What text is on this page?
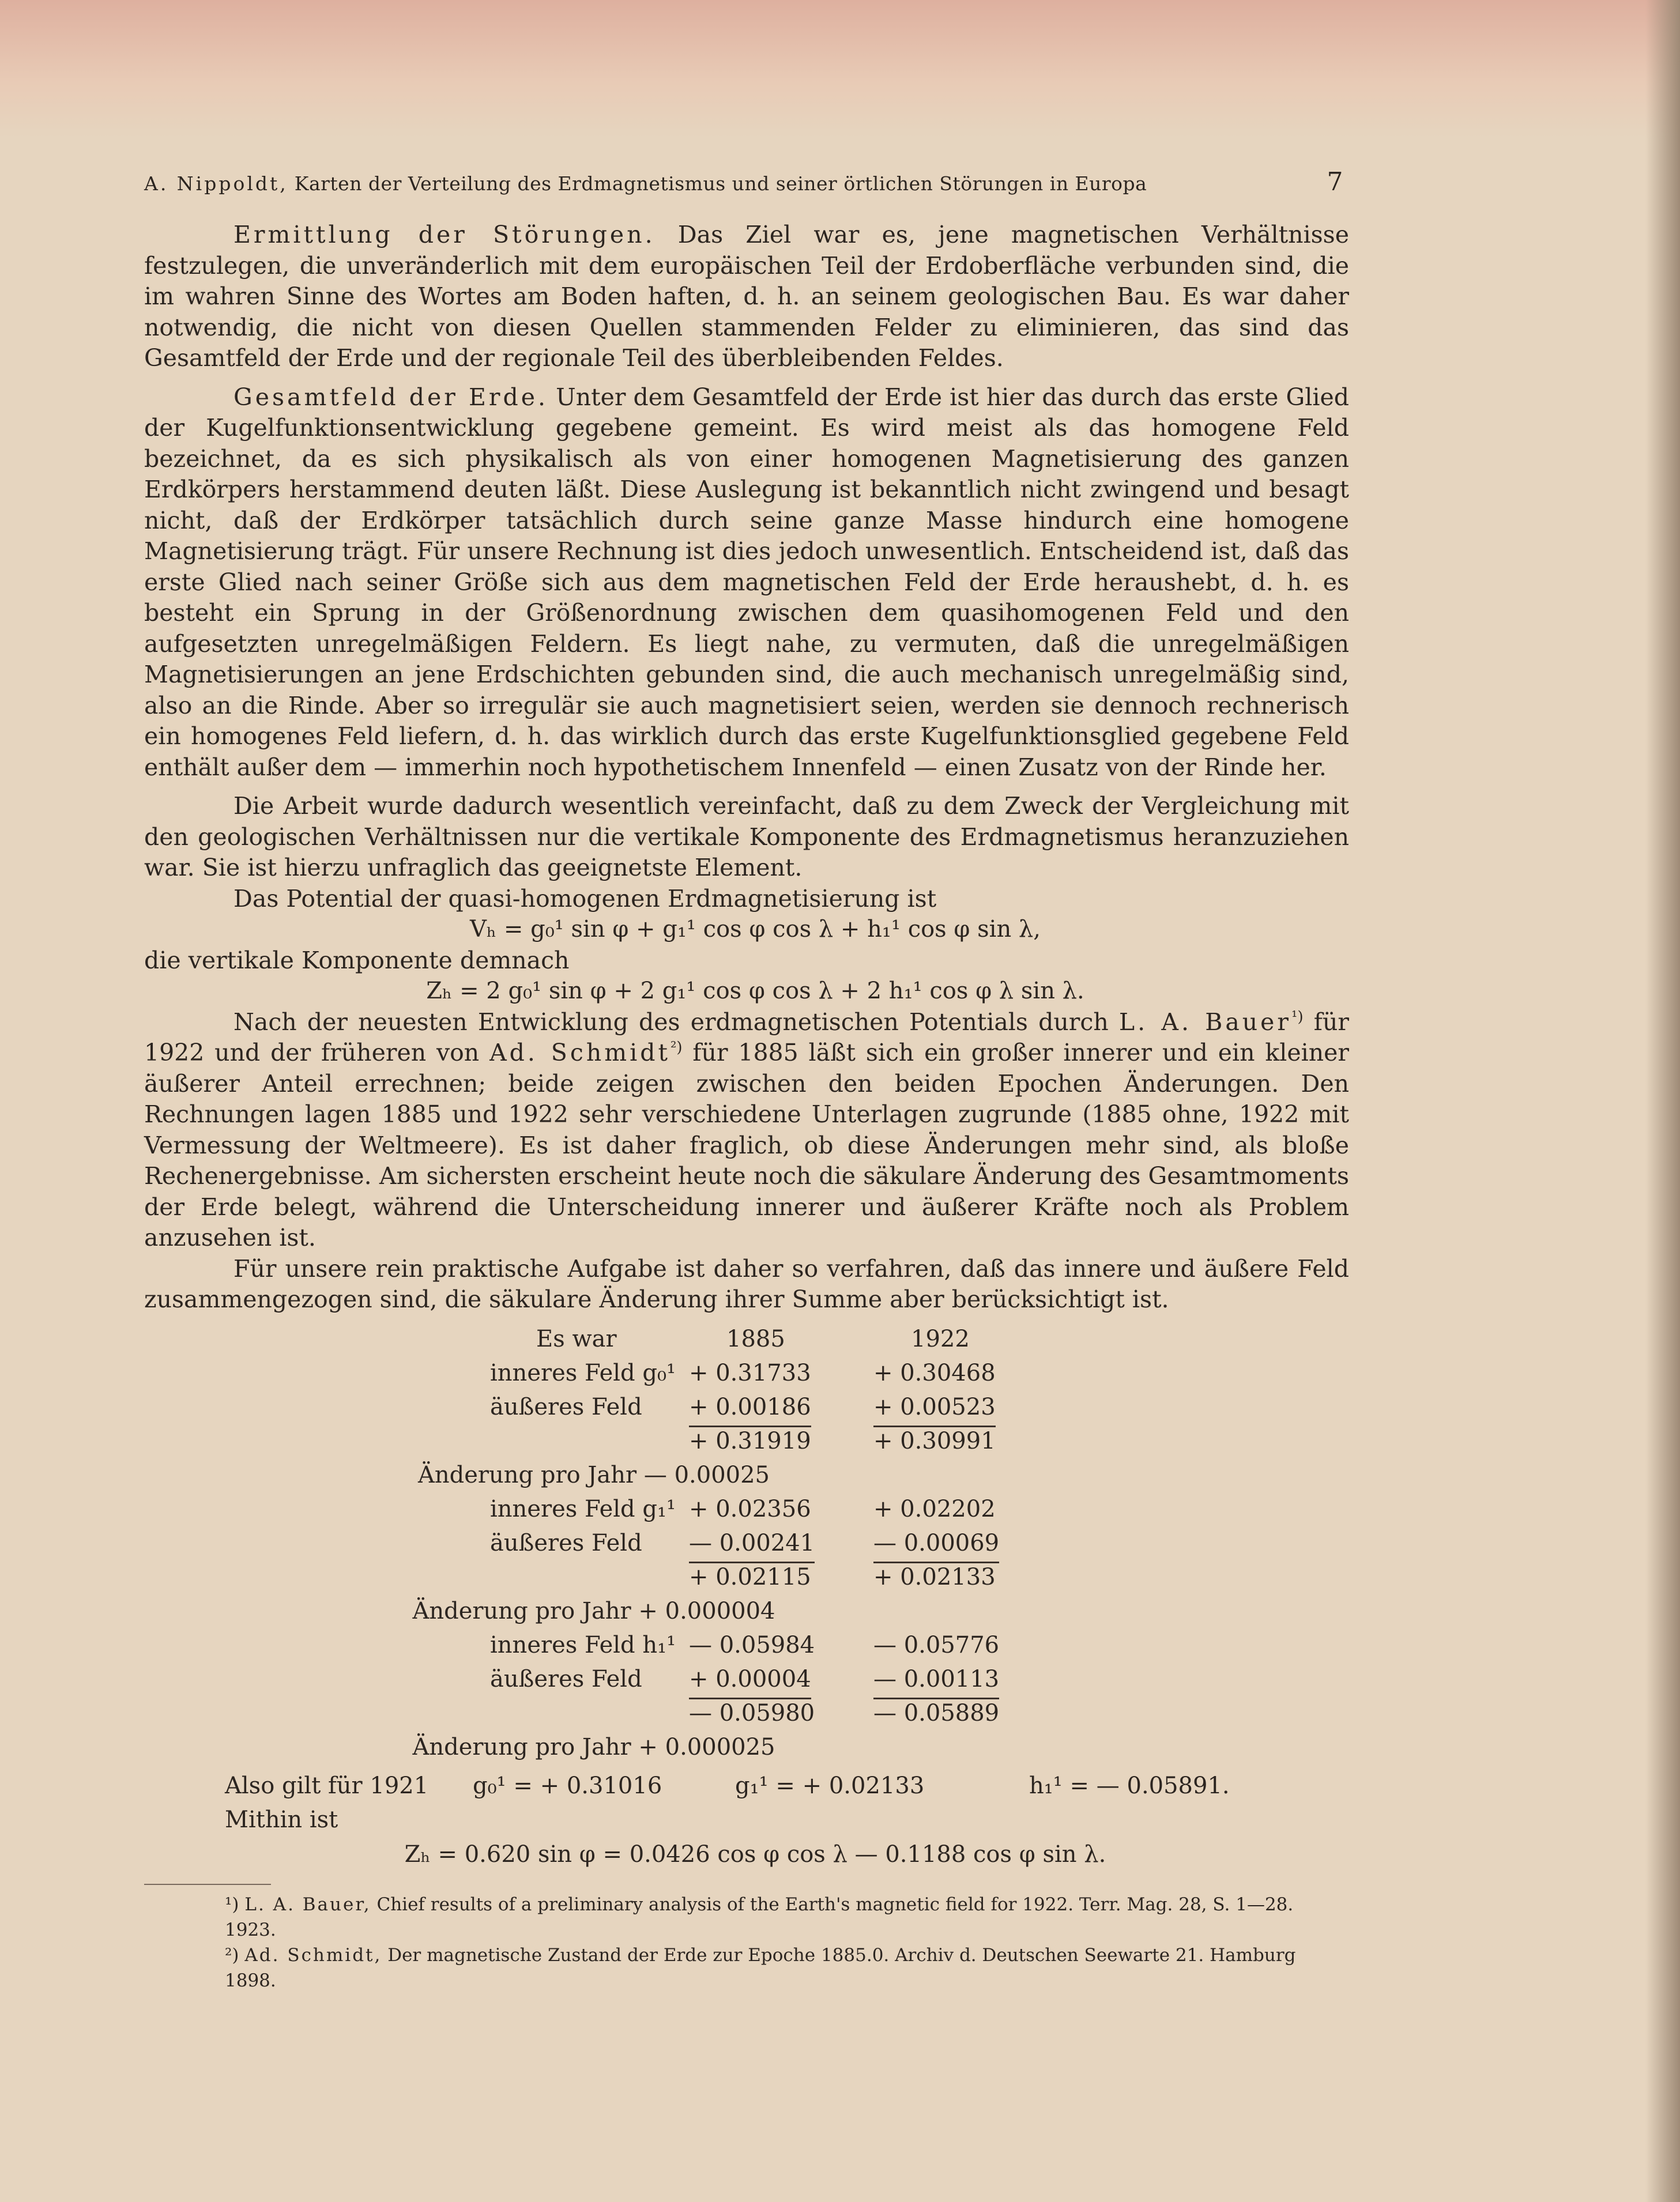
A. Nippoldt, Karten der Verteilung des Erdmagnetismus und seiner örtlichen Störungen in Europa	7

Ermittlung der Störungen. Das Ziel war es, jene magnetischen Verhältnisse festzulegen, die unveränderlich mit dem europäischen Teil der Erdoberfläche verbunden sind, die im wahren Sinne des Wortes am Boden haften, d. h. an seinem geologischen Bau. Es war daher notwendig, die nicht von diesen Quellen stammenden Felder zu eliminieren, das sind das Gesamtfeld der Erde und der regionale Teil des überbleibenden Feldes.

Gesamtfeld der Erde. Unter dem Gesamtfeld der Erde ist hier das durch das erste Glied der Kugelfunktionsentwicklung gegebene gemeint. Es wird meist als das homogene Feld bezeichnet, da es sich physikalisch als von einer homogenen Magnetisierung des ganzen Erdkörpers herstammend deuten läßt. Diese Auslegung ist bekanntlich nicht zwingend und besagt nicht, daß der Erdkörper tatsächlich durch seine ganze Masse hindurch eine homogene Magnetisierung trägt. Für unsere Rechnung ist dies jedoch unwesentlich. Entscheidend ist, daß das erste Glied nach seiner Größe sich aus dem magnetischen Feld der Erde heraushebt, d. h. es besteht ein Sprung in der Größenordnung zwischen dem quasihomogenen Feld und den aufgesetzten unregelmäßigen Feldern. Es liegt nahe, zu vermuten, daß die unregelmäßigen Magnetisierungen an jene Erdschichten gebunden sind, die auch mechanisch unregelmäßig sind, also an die Rinde. Aber so irregulär sie auch magnetisiert seien, werden sie dennoch rechnerisch ein homogenes Feld liefern, d. h. das wirklich durch das erste Kugelfunktionsglied gegebene Feld enthält außer dem — immerhin noch hypothetischem Innenfeld — einen Zusatz von der Rinde her.

Die Arbeit wurde dadurch wesentlich vereinfacht, daß zu dem Zweck der Vergleichung mit den geologischen Verhältnissen nur die vertikale Komponente des Erdmagnetismus heranzuziehen war. Sie ist hierzu unfraglich das geeignetste Element.

Das Potential der quasi-homogenen Erdmagnetisierung ist

Vₕ = g₀¹ sin φ + g₁¹ cos φ cos λ + h₁¹ cos φ sin λ,

die vertikale Komponente demnach

Zₕ = 2 g₀¹ sin φ + 2 g₁¹ cos φ cos λ + 2 h₁¹ cos φ λ sin λ.

Nach der neuesten Entwicklung des erdmagnetischen Potentials durch L. A. Bauer$^{^1)}$ für 1922 und der früheren von Ad. Schmidt$^{^2)}$ für 1885 läßt sich ein großer innerer und ein kleiner äußerer Anteil errechnen; beide zeigen zwischen den beiden Epochen Änderungen. Den Rechnungen lagen 1885 und 1922 sehr verschiedene Unterlagen zugrunde (1885 ohne, 1922 mit Vermessung der Weltmeere). Es ist daher fraglich, ob diese Änderungen mehr sind, als bloße Rechenergebnisse. Am sichersten erscheint heute noch die säkulare Änderung des Gesamtmoments der Erde belegt, während die Unterscheidung innerer und äußerer Kräfte noch als Problem anzusehen ist.

Für unsere rein praktische Aufgabe ist daher so verfahren, daß das innere und äußere Feld zusammengezogen sind, die säkulare Änderung ihrer Summe aber berücksichtigt ist.

Es war	1885	1922
inneres Feld g₀¹ + 0.31733	+ 0.30468
äußeres Feld + 0.00186	+ 0.00523
+ 0.31919	+ 0.30991
Änderung pro Jahr — 0.00025
inneres Feld g₁¹ + 0.02356	+ 0.02202
äußeres Feld — 0.00241	— 0.00069
+ 0.02115	+ 0.02133
Änderung pro Jahr + 0.000004
inneres Feld h₁¹ — 0.05984	— 0.05776
äußeres Feld + 0.00004	— 0.00113
— 0.05980	— 0.05889
Änderung pro Jahr + 0.000025
Also gilt für 1921 g₀¹ = + 0.31016	g₁¹ = + 0.02133	h₁¹ = — 0.05891.
Mithin ist

Zₕ = 0.620 sin φ = 0.0426 cos φ cos λ — 0.1188 cos φ sin λ.

¹) L. A. Bauer, Chief results of a preliminary analysis of the Earth's magnetic field for 1922. Terr. Mag. 28, S. 1—28. 1923.

²) Ad. Schmidt, Der magnetische Zustand der Erde zur Epoche 1885.0. Archiv d. Deutschen Seewarte 21. Hamburg 1898.
